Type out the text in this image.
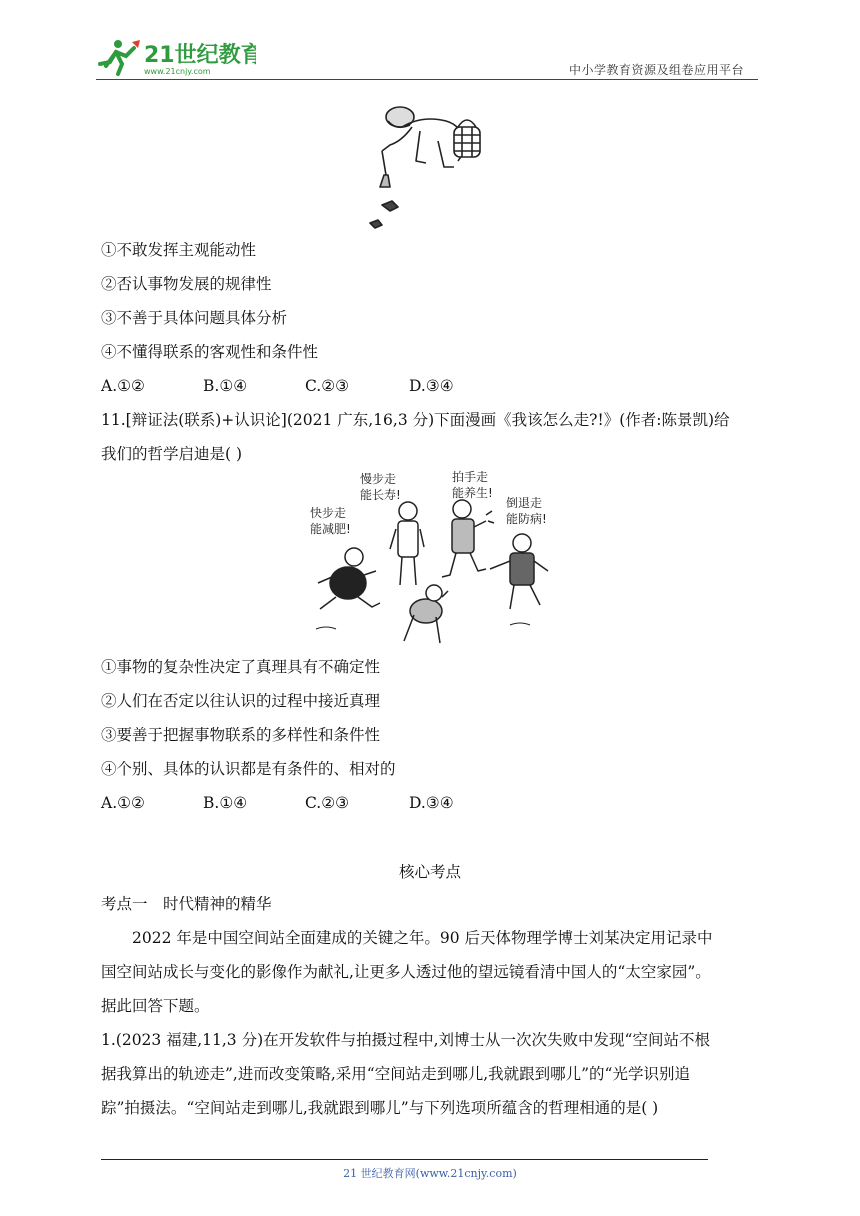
21世纪教育
www.21cnjy.com	中小学教育资源及组卷应用平台
①不敢发挥主观能动性
②否认事物发展的规律性
③不善于具体问题具体分析
④不懂得联系的客观性和条件性
A.①②	B.①④	C.②③	D.③④
11.[辩证法(联系)+认识论](2021 广东,16,3 分)下面漫画《我该怎么走?!》(作者:陈景凯)给
我们的哲学启迪是( )
快步走能减肥!
慢步走能长寿!
拍手走能养生!
倒退走能防病!
①事物的复杂性决定了真理具有不确定性
②人们在否定以往认识的过程中接近真理
③要善于把握事物联系的多样性和条件性
④个别、具体的认识都是有条件的、相对的
A.①②	B.①④	C.②③	D.③④
核心考点
考点一　时代精神的精华
2022 年是中国空间站全面建成的关键之年。90 后天体物理学博士刘某决定用记录中
国空间站成长与变化的影像作为献礼,让更多人透过他的望远镜看清中国人的“太空家园”。
据此回答下题。
1.(2023 福建,11,3 分)在开发软件与拍摄过程中,刘博士从一次次失败中发现“空间站不根
据我算出的轨迹走”,进而改变策略,采用“空间站走到哪儿,我就跟到哪儿”的“光学识别追
踪”拍摄法。“空间站走到哪儿,我就跟到哪儿”与下列选项所蕴含的哲理相通的是( )
21 世纪教育网(www.21cnjy.com)
